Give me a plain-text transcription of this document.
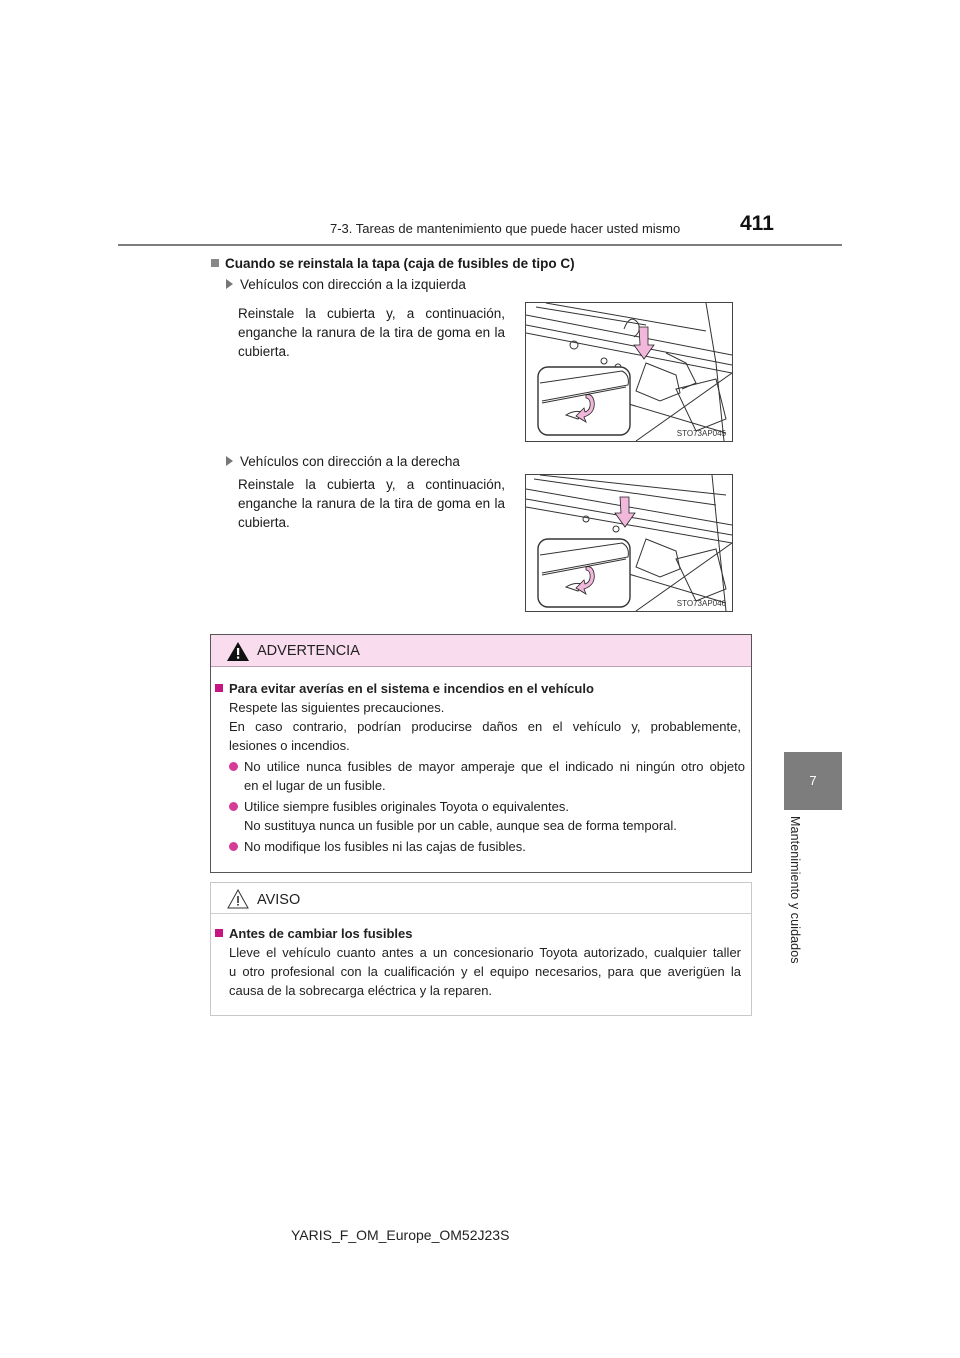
7-3. Tareas de mantenimiento que puede hacer usted mismo	411
7
Mantenimiento y cuidados
Cuando se reinstala la tapa (caja de fusibles de tipo C)
Vehículos con dirección a la izquierda
Reinstale la cubierta y, a continuación, enganche la ranura de la tira de goma en la cubierta.
STO73AP045
Vehículos con dirección a la derecha
Reinstale la cubierta y, a continuación, enganche la ranura de la tira de goma en la cubierta.
STO73AP046
ADVERTENCIA
Para evitar averías en el sistema e incendios en el vehículo
Respete las siguientes precauciones.
En caso contrario, podrían producirse daños en el vehículo y, probablemente,
lesiones o incendios.
No utilice nunca fusibles de mayor amperaje que el indicado ni ningún otro objeto
en el lugar de un fusible.
Utilice siempre fusibles originales Toyota o equivalentes.
No sustituya nunca un fusible por un cable, aunque sea de forma temporal.
No modifique los fusibles ni las cajas de fusibles.
AVISO
Antes de cambiar los fusibles
Lleve el vehículo cuanto antes a un concesionario Toyota autorizado, cualquier taller
u otro profesional con la cualificación y el equipo necesarios, para que averigüen la
causa de la sobrecarga eléctrica y la reparen.
YARIS_F_OM_Europe_OM52J23S
